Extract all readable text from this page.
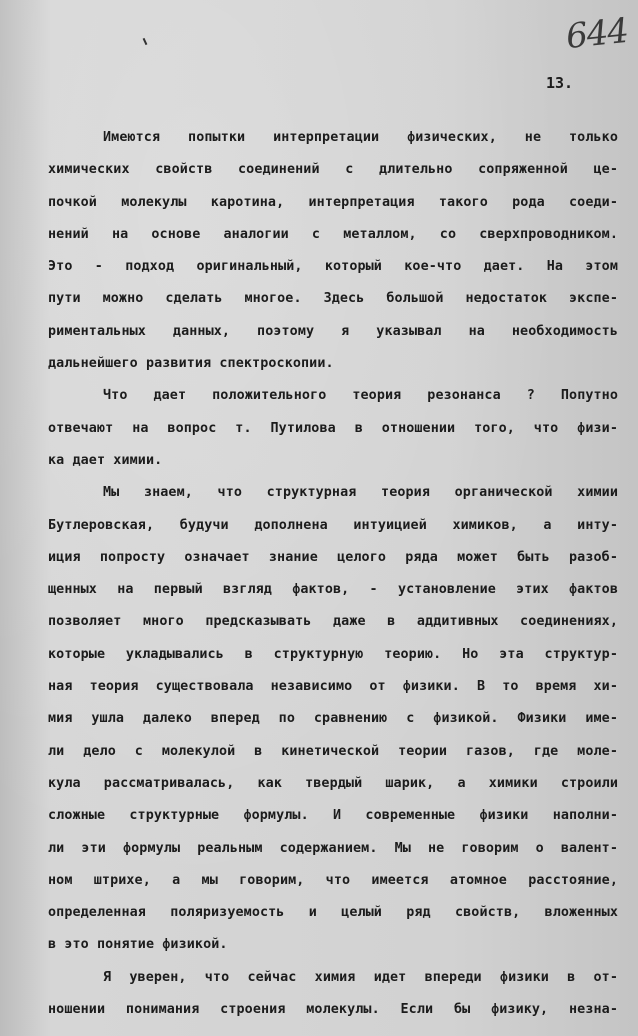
644
13.
Имеются попытки интерпретации физических, не только
химических свойств соединений с длительно сопряженной це-
почкой молекулы каротина, интерпретация такого рода соеди-
нений на основе аналогии с металлом, со сверхпроводником.
Это - подход оригинальный, который кое-что дает. На этом
пути можно сделать многое. Здесь большой недостаток экспе-
риментальных данных, поэтому я указывал на необходимость
дальнейшего развития спектроскопии.
Что дает положительного теория резонанса ? Попутно
отвечают на вопрос т. Путилова в отношении того, что физи-
ка дает химии.
Мы знаем, что структурная теория органической химии
Бутлеровская, будучи дополнена интуицией химиков, а инту-
иция попросту означает знание целого ряда может быть разоб-
щенных на первый взгляд фактов, - установление этих фактов
позволяет много предсказывать даже в аддитивных соединениях,
которые укладывались в структурную теорию. Но эта структур-
ная теория существовала независимо от физики. В то время хи-
мия ушла далеко вперед по сравнению с физикой. Физики име-
ли дело с молекулой в кинетической теории газов, где моле-
кула рассматривалась, как твердый шарик, а химики строили
сложные структурные формулы. И современные физики наполни-
ли эти формулы реальным содержанием. Мы не говорим о валент-
ном штрихе, а мы говорим, что имеется атомное расстояние,
определенная поляризуемость и целый ряд свойств, вложенных
в это понятие физикой.
Я уверен, что сейчас химия идет впереди физики в от-
ношении понимания строения молекулы. Если бы физику, незна-
